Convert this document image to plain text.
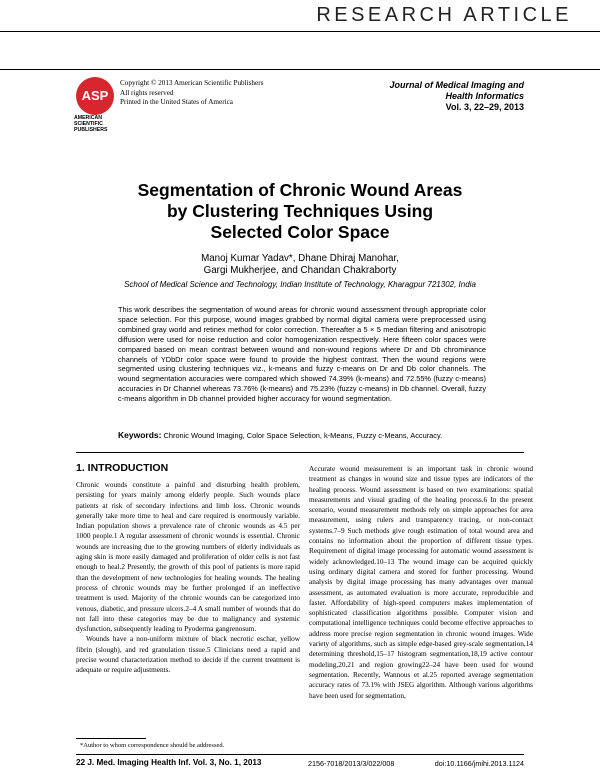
RESEARCH ARTICLE
ASP
AMERICAN
SCIENTIFIC
PUBLISHERS
Copyright © 2013 American Scientific Publishers
All rights reserved
Printed in the United States of America
Journal of Medical Imaging and
Health Informatics
Vol. 3, 22–29, 2013
Segmentation of Chronic Wound Areas
by Clustering Techniques Using
Selected Color Space
Manoj Kumar Yadav*, Dhane Dhiraj Manohar,
Gargi Mukherjee, and Chandan Chakraborty
School of Medical Science and Technology, Indian Institute of Technology, Kharagpur 721302, India
This work describes the segmentation of wound areas for chronic wound assessment through appropriate color space selection. For this purpose, wound images grabbed by normal digital camera were preprocessed using combined gray world and retinex method for color correction. Thereafter a 5 × 5 median filtering and anisotropic diffusion were used for noise reduction and color homogenization respectively. Here fifteen color spaces were compared based on mean contrast between wound and non-wound regions where Dr and Db chrominance channels of YDbDr color space were found to provide the highest contrast. Then the wound regions were segmented using clustering techniques viz., k-means and fuzzy c-means on Dr and Db color channels. The wound segmentation accuracies were compared which showed 74.39% (k-means) and 72.55% (fuzzy c-means) accuracies in Dr Channel whereas 73.76% (k-means) and 75.23% (fuzzy c-means) in Db channel. Overall, fuzzy c-means algorithm in Db channel provided higher accuracy for wound segmentation.
Keywords: Chronic Wound Imaging, Color Space Selection, k-Means, Fuzzy c-Means, Accuracy.
1. INTRODUCTION

Chronic wounds constitute a painful and disturbing health problem, persisting for years mainly among elderly people. Such wounds place patients at risk of secondary infections and limb loss. Chronic wounds generally take more time to heal and care required is enormously variable. Indian population shows a prevalence rate of chronic wounds as 4.5 per 1000 people.1 A regular assessment of chronic wounds is essential. Chronic wounds are increasing due to the growing numbers of elderly individuals as aging skin is more easily damaged and proliferation of older cells is not fast enough to heal.2 Presently, the growth of this pool of patients is more rapid than the development of new technologies for healing wounds. The healing process of chronic wounds may be further prolonged if an ineffective treatment is used. Majority of the chronic wounds can be categorized into venous, diabetic, and pressure ulcers.2–4 A small number of wounds that do not fall into these categories may be due to malignancy and systemic dysfunction, subsequently leading to Pyoderma gangrenosum.

Wounds have a non-uniform mixture of black necrotic eschar, yellow fibrin (slough), and red granulation tissue.5 Clinicians need a rapid and precise wound characterization method to decide if the current treatment is adequate or require adjustments.

Accurate wound measurement is an important task in chronic wound treatment as changes in wound size and tissue types are indicators of the healing process. Wound assessment is based on two examinations: spatial measurements and visual grading of the healing process.6 In the present scenario, wound measurement methods rely on simple approaches for area measurement, using rulers and transparency tracing, or non-contact systems.7–9 Such methods give rough estimation of total wound area and contains no information about the proportion of different tissue types. Requirement of digital image processing for automatic wound assessment is widely acknowledged.10–13 The wound image can be acquired quickly using ordinary digital camera and stored for further processing. Wound analysis by digital image processing has many advantages over manual assessment, as automated evaluation is more accurate, reproducible and faster. Affordability of high-speed computers makes implementation of sophisticated classification algorithms possible. Computer vision and computational intelligence techniques could become effective approaches to address more precise region segmentation in chronic wound images. Wide variety of algorithms, such as simple edge-based grey-scale segmentation,14 determining threshold,15–17 histogram segmentation,18,19 active contour modeling,20,21 and region growing22–24 have been used for wound segmentation. Recently, Wannous et al.25 reported average segmentation accuracy rates of 73.1% with JSEG algorithm. Although various algorithms have been used for segmentation,

*Author to whom correspondence should be addressed.
22 J. Med. Imaging Health Inf. Vol. 3, No. 1, 2013	2156-7018/2013/3/022/008	doi:10.1166/jmihi.2013.1124
